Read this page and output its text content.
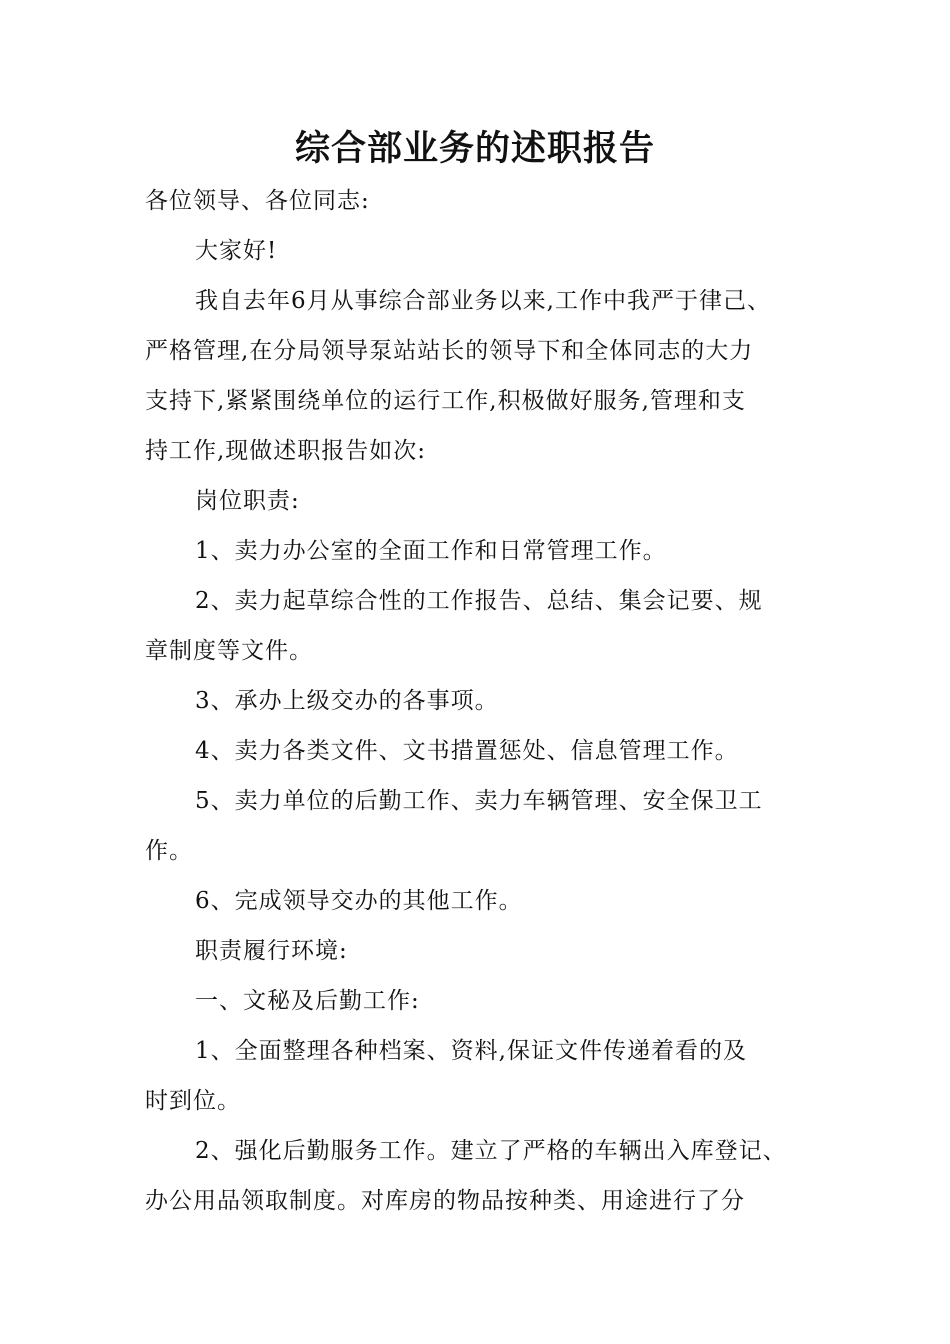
综合部业务的述职报告
各位领导、各位同志:
大家好!
我自去年6月从事综合部业务以来,工作中我严于律己、
严格管理,在分局领导泵站站长的领导下和全体同志的大力
支持下,紧紧围绕单位的运行工作,积极做好服务,管理和支
持工作,现做述职报告如次:
岗位职责:
1、卖力办公室的全面工作和日常管理工作。
2、卖力起草综合性的工作报告、总结、集会记要、规
章制度等文件。
3、承办上级交办的各事项。
4、卖力各类文件、文书措置惩处、信息管理工作。
5、卖力单位的后勤工作、卖力车辆管理、安全保卫工
作。
6、完成领导交办的其他工作。
职责履行环境:
一、文秘及后勤工作:
1、全面整理各种档案、资料,保证文件传递着看的及
时到位。
2、强化后勤服务工作。建立了严格的车辆出入库登记、
办公用品领取制度。对库房的物品按种类、用途进行了分
